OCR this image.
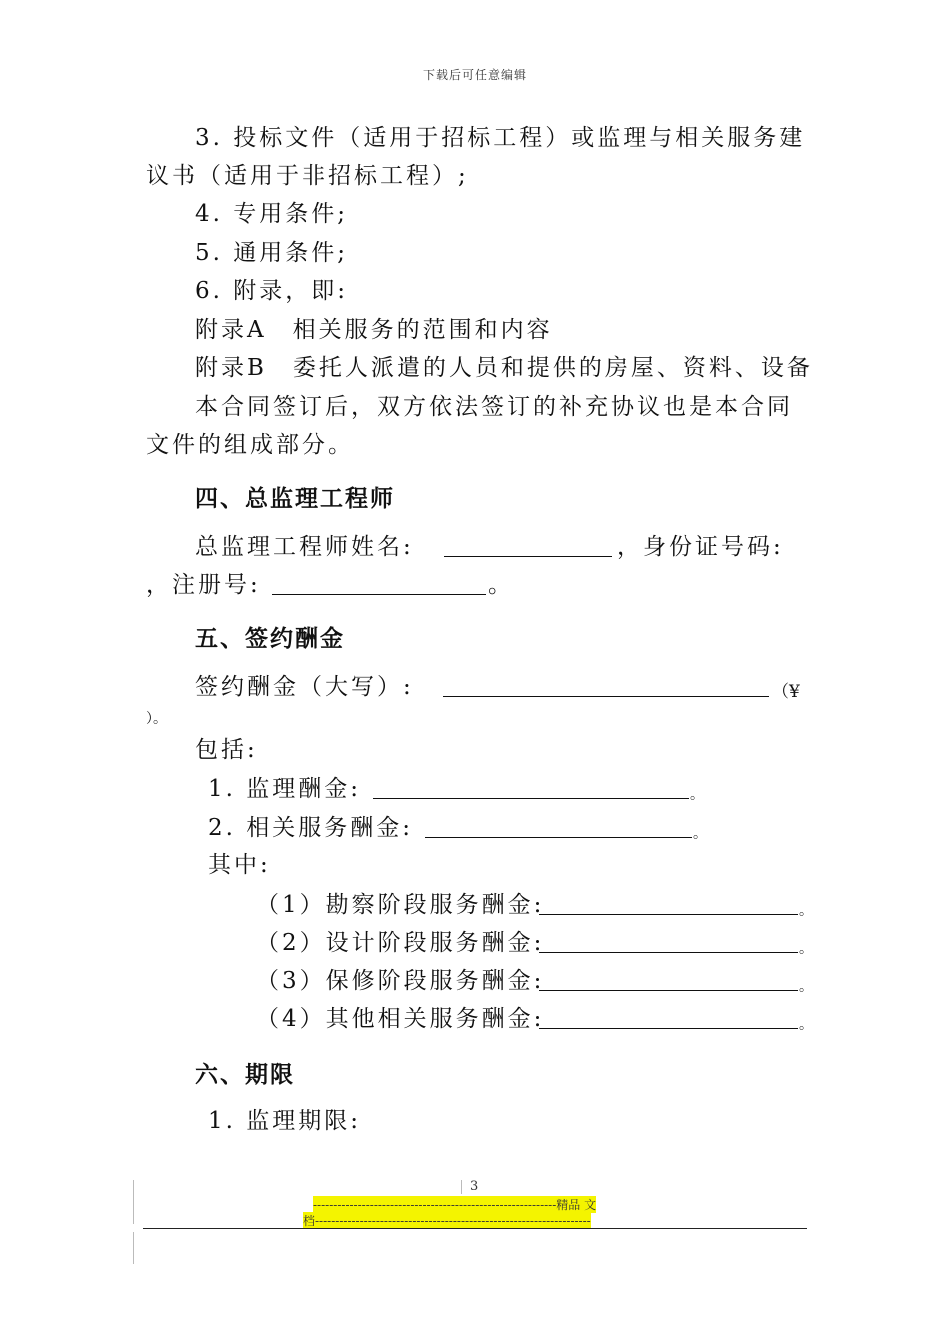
下载后可任意编辑
3. 投标文件（适用于招标工程）或监理与相关服务建
议书（适用于非招标工程）;
4. 专用条件;
5. 通用条件;
6. 附录，即:
附录A　相关服务的范围和内容
附录B　委托人派遣的人员和提供的房屋、资料、设备
本合同签订后，双方依法签订的补充协议也是本合同
文件的组成部分。
四、总监理工程师
总监理工程师姓名:	，身份证号码:
，注册号:	。
五、签约酬金
签约酬金（大写）:	（¥
）。
包括:
1. 监理酬金:	。
2. 相关服务酬金:	。
其中:
（1）勘察阶段服务酬金:	。
（2）设计阶段服务酬金:	。
（3）保修阶段服务酬金:	。
（4）其他相关服务酬金:	。
六、期限
1. 监理期限:
3
------------------------------------------------------------精品 文
档--------------------------------------------------------------------
